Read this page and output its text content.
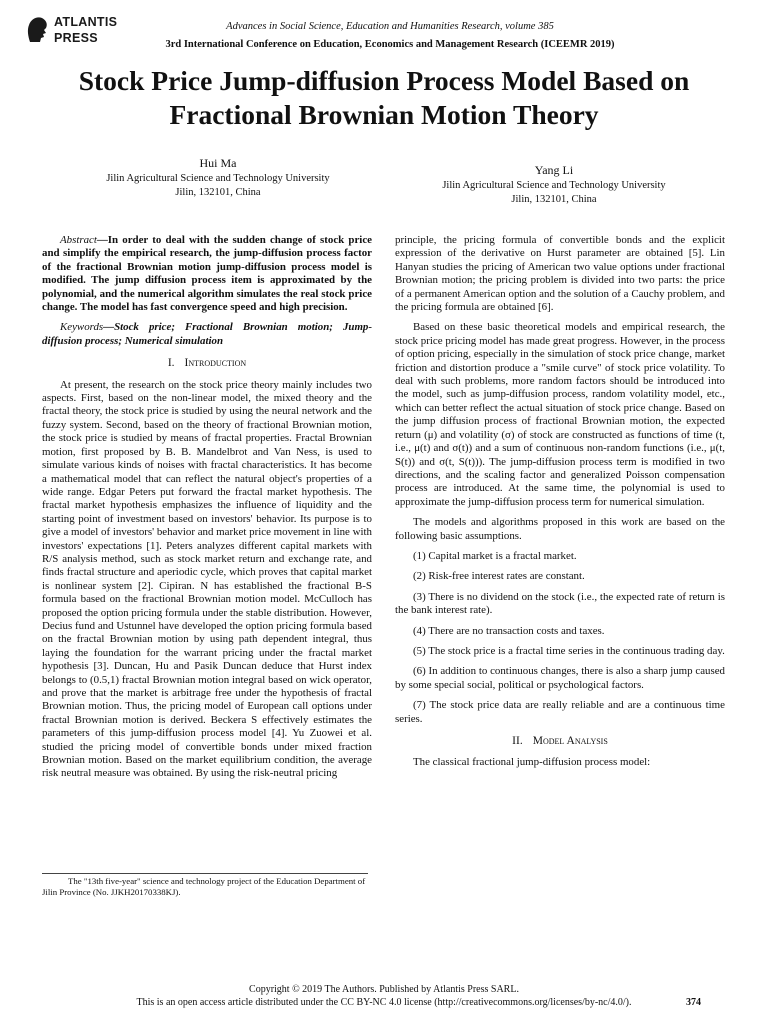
ATLANTIS
PRESS
Advances in Social Science, Education and Humanities Research, volume 385
3rd International Conference on Education, Economics and Management Research (ICEEMR 2019)
Stock Price Jump-diffusion Process Model Based on Fractional Brownian Motion Theory
Hui Ma
Jilin Agricultural Science and Technology University
Jilin, 132101, China
Yang Li
Jilin Agricultural Science and Technology University
Jilin, 132101, China

Abstract—In order to deal with the sudden change of stock price and simplify the empirical research, the jump-diffusion process factor of the fractional Brownian motion jump-diffusion process model is modified. The jump diffusion process item is approximated by the polynomial, and the numerical algorithm simulates the real stock price change. The model has fast convergence speed and high precision.

Keywords—Stock price; Fractional Brownian motion; Jump-diffusion process; Numerical simulation

I. Introduction

At present, the research on the stock price theory mainly includes two aspects. First, based on the non-linear model, the mixed theory and the fractal theory, the stock price is studied by using the neural network and the fuzzy system. Second, based on the theory of fractional Brownian motion, the stock price is studied by means of fractal properties. Fractal Brownian motion, first proposed by B. B. Mandelbrot and Van Ness, is used to simulate various kinds of noises with fractal characteristics. It has become a mathematical model that can reflect the natural object's properties of a wide range. Edgar Peters put forward the fractal market hypothesis. The fractal market hypothesis emphasizes the influence of liquidity and the starting point of investment based on investors' behavior. Its purpose is to give a model of investors' behavior and market price movement in line with investors' expectations [1]. Peters analyzes different capital markets with R/S analysis method, such as stock market return and exchange rate, and finds fractal structure and aperiodic cycle, which proves that capital market is nonlinear system [2]. Cipiran. N has established the fractional B-S formula based on the fractional Brownian motion model. McCulloch has proposed the option pricing formula under the stable distribution. However, Decius fund and Ustunnel have developed the option pricing formula based on the fractal Brownian motion by using path dependent integral, thus laying the foundation for the warrant pricing under the fractal market hypothesis [3]. Duncan, Hu and Pasik Duncan deduce that Hurst index belongs to (0.5,1) fractal Brownian motion integral based on wick operator, and prove that the market is arbitrage free under the hypothesis of fractal Brownian motion. Thus, the pricing model of European call options under fractal Brownian motion is derived. Beckera S effectively estimates the parameters of this jump-diffusion process model [4]. Yu Zuowei et al. studied the pricing model of convertible bonds under mixed fraction Brownian motion. Based on the market equilibrium condition, the average risk neutral measure was obtained. By using the risk-neutral pricing

principle, the pricing formula of convertible bonds and the explicit expression of the derivative on Hurst parameter are obtained [5]. Lin Hanyan studies the pricing of American two value options under fractional Brownian motion; the pricing problem is divided into two parts: the price of a permanent American option and the solution of a Cauchy problem, and the pricing formula are obtained [6].

Based on these basic theoretical models and empirical research, the stock price pricing model has made great progress. However, in the process of option pricing, especially in the simulation of stock price change, market friction and distortion produce a "smile curve" of stock price volatility. To deal with such problems, more random factors should be introduced into the model, such as jump-diffusion process, random volatility model, etc., which can better reflect the actual situation of stock price change. Based on the jump diffusion process of fractional Brownian motion, the expected return (μ) and volatility (σ) of stock are constructed as functions of time (t, i.e., μ(t) and σ(t)) and a sum of continuous non-random functions (i.e., μ(t, S(t)) and σ(t, S(t))). The jump-diffusion process term is modified in two directions, and the scaling factor and generalized Poisson compensation process are introduced. At the same time, the polynomial is used to approximate the jump-diffusion process term for numerical simulation.

The models and algorithms proposed in this work are based on the following basic assumptions.

(1) Capital market is a fractal market.

(2) Risk-free interest rates are constant.

(3) There is no dividend on the stock (i.e., the expected rate of return is the bank interest rate).

(4) There are no transaction costs and taxes.

(5) The stock price is a fractal time series in the continuous trading day.

(6) In addition to continuous changes, there is also a sharp jump caused by some special social, political or psychological factors.

(7) The stock price data are really reliable and are a continuous time series.

II. Model Analysis

The classical fractional jump-diffusion process model:

The "13th five-year" science and technology project of the Education Department of Jilin Province (No. JJKH20170338KJ).
Copyright © 2019 The Authors. Published by Atlantis Press SARL.
This is an open access article distributed under the CC BY-NC 4.0 license (http://creativecommons.org/licenses/by-nc/4.0/).	374
